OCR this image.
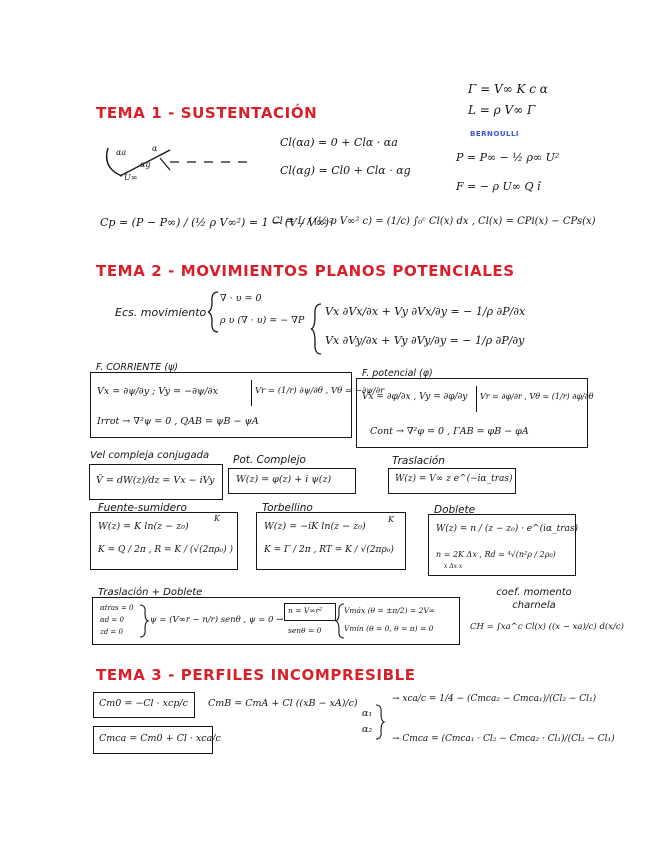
Γ = V∞ K c α
L = ρ V∞ Γ
BERNOULLI
P = P∞ − ½ ρ∞ U²
F = − ρ U∞ Q î
TEMA 1 - SUSTENTACIÓN
αa	α
αg
U∞
Cl(αa) = 0 + Clα · αa
Cl(αg) = Cl0 + Clα · αg
Cp = (P − P∞) / (½ ρ V∞²) = 1 − (V / V∞)²
Cl = L / (½ ρ V∞² c) = (1/c) ∫₀ᶜ Cl(x) dx , Cl(x) = CPi(x) − CPs(x)
TEMA 2 - MOVIMIENTOS PLANOS POTENCIALES
Ecs. movimiento
∇ · υ = 0
ρ υ (∇ · υ) = − ∇P
Vx ∂Vx/∂x + Vy ∂Vx/∂y = − 1/ρ ∂P/∂x
Vx ∂Vy/∂x + Vy ∂Vy/∂y = − 1/ρ ∂P/∂y
F. CORRIENTE (ψ)
Vx = ∂ψ/∂y ; Vy = −∂ψ/∂x	Vr = (1/r) ∂ψ/∂θ , Vθ = −∂ψ/∂r
Irrot → ∇²ψ = 0 , QAB = ψB − ψA
F. potencial (φ)
Vx = ∂φ/∂x , Vy = ∂φ/∂y Vr = ∂φ/∂r , Vθ = (1/r) ∂φ/∂θ
Cont → ∇²φ = 0 , ΓAB = φB − φA
Vel compleja conjugada
V̄ = dW(z)/dz = Vx − iVy
Pot. Complejo
W(z) = φ(z) + i ψ(z)
Traslación
W(z) = V∞ z e^(−iα_tras)
Fuente-sumidero
W(z) = K ln(z − z₀)
K
K = Q / 2π , R = K / (√(2πρ₀) )
Torbellino
W(z) = −iK ln(z − z₀)
K
K = Γ / 2π , RT = K / √(2πρ₀)
Doblete
W(z) = n / (z − z₀) · e^(iα_tras)
n = 2K Δx , Rd = ⁴√(n²ρ / 2ρ₀)
x Δx x
Traslación + Doblete
αtras = 0
αd = 0
zd = 0
ψ = (V∞r − n/r) senθ , ψ = 0 →
n = V∞r²
senθ = 0
Vmáx (θ = ±π/2) = 2V∞
Vmín (θ = 0, θ = π) = 0
coef. momento charnela
CH = ∫xa^c Cl(x) ((x − xa)/c) d(x/c)
TEMA 3 - PERFILES INCOMPRESIBLE
Cm0 = −Cl · xcp/c CmB = CmA + Cl ((xB − xA)/c)
Cmca = Cm0 + Cl · xca/c
α₁
α₂
→ xca/c = 1/4 − (Cmca₂ − Cmca₁)/(Cl₂ − Cl₁)
→ Cmca = (Cmca₁ · Cl₂ − Cmca₂ · Cl₁)/(Cl₂ − Cl₁)
